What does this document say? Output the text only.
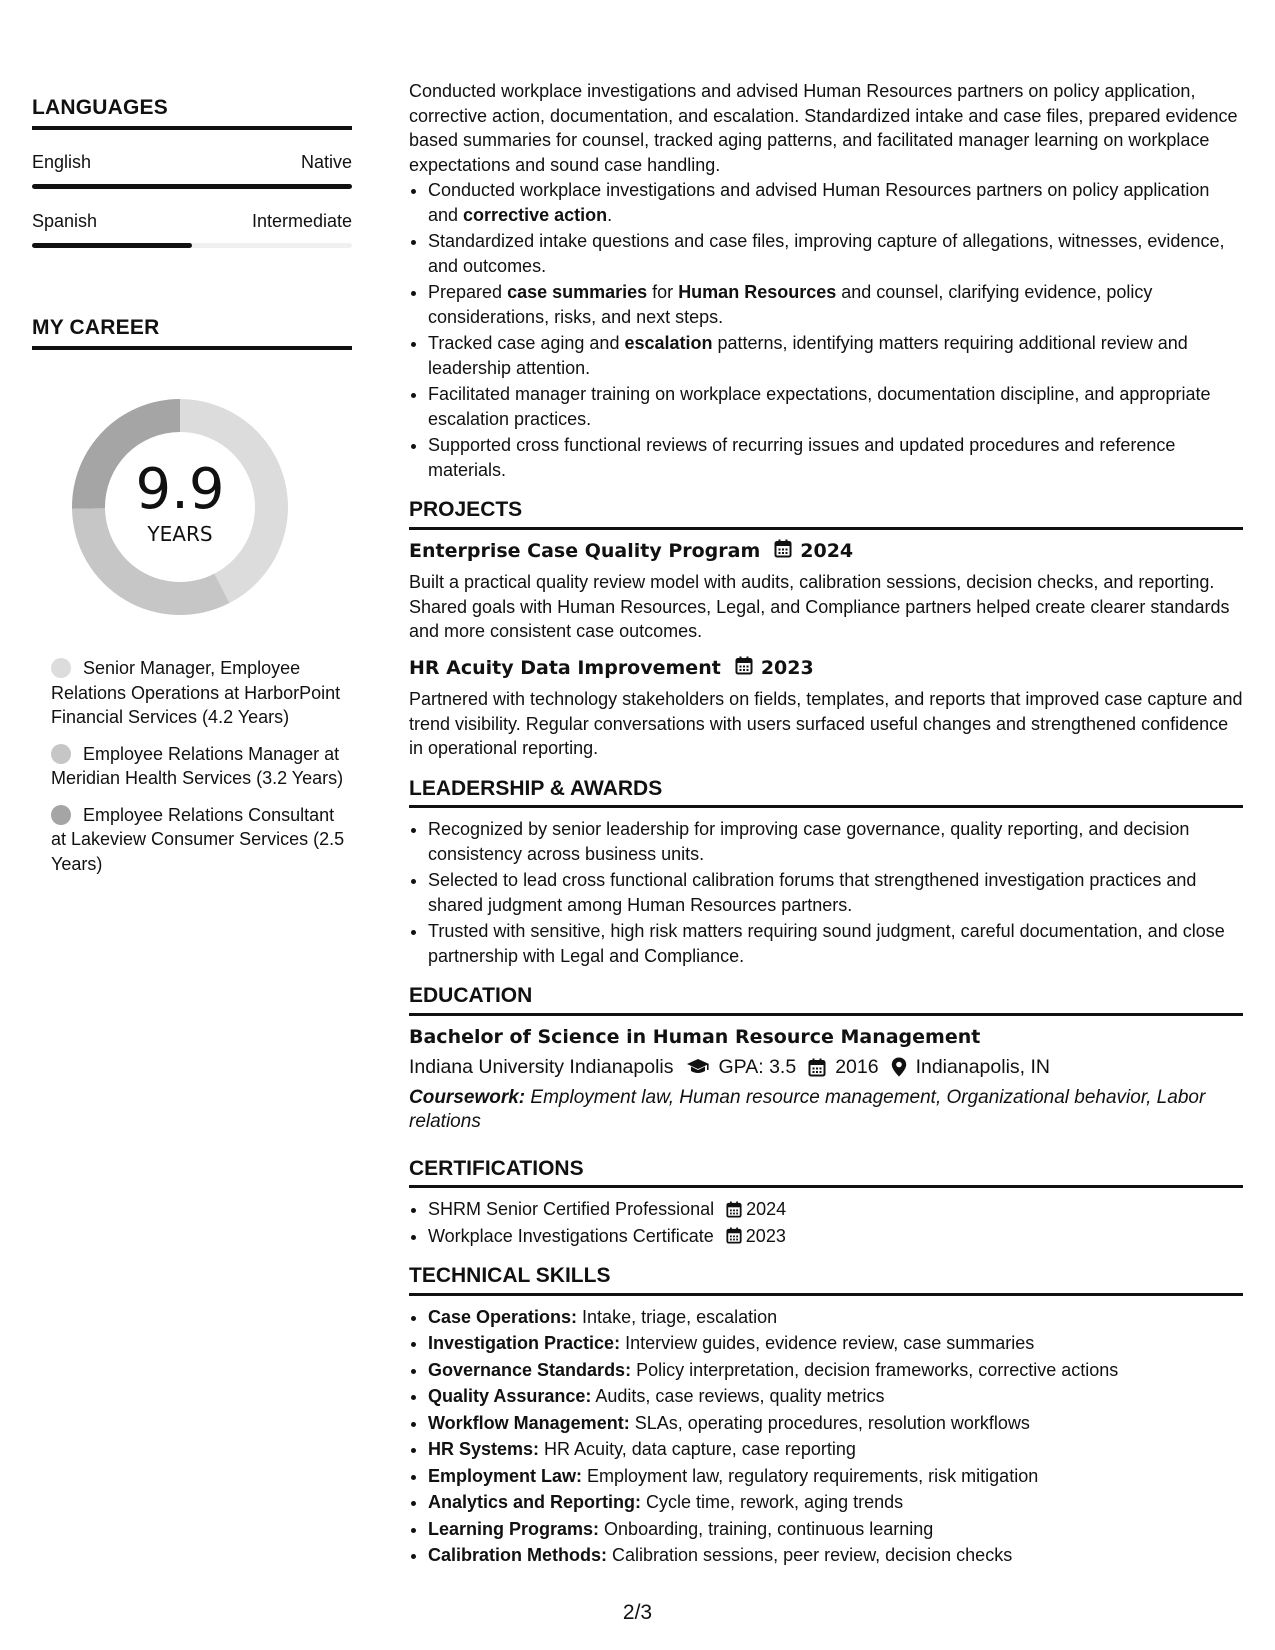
LANGUAGES
English	Native
Spanish	Intermediate
MY CAREER
9.9
YEARS
Senior Manager, Employee Relations Operations at HarborPoint Financial Services (4.2 Years)
Employee Relations Manager at Meridian Health Services (3.2 Years)
Employee Relations Consultant at Lakeview Consumer Services (2.5 Years)

Conducted workplace investigations and advised Human Resources partners on policy application, corrective action, documentation, and escalation. Standardized intake and case files, prepared evidence based summaries for counsel, tracked aging patterns, and facilitated manager learning on workplace expectations and sound case handling.

• Conducted workplace investigations and advised Human Resources partners on policy application and corrective action.
• Standardized intake questions and case files, improving capture of allegations, witnesses, evidence, and outcomes.
• Prepared case summaries for Human Resources and counsel, clarifying evidence, policy considerations, risks, and next steps.
• Tracked case aging and escalation patterns, identifying matters requiring additional review and leadership attention.
• Facilitated manager training on workplace expectations, documentation discipline, and appropriate escalation practices.
• Supported cross functional reviews of recurring issues and updated procedures and reference materials.
PROJECTS
Enterprise Case Quality Program 2024

Built a practical quality review model with audits, calibration sessions, decision checks, and reporting. Shared goals with Human Resources, Legal, and Compliance partners helped create clearer standards and more consistent case outcomes.

HR Acuity Data Improvement 2023

Partnered with technology stakeholders on fields, templates, and reports that improved case capture and trend visibility. Regular conversations with users surfaced useful changes and strengthened confidence in operational reporting.

LEADERSHIP & AWARDS
• Recognized by senior leadership for improving case governance, quality reporting, and decision consistency across business units.
• Selected to lead cross functional calibration forums that strengthened investigation practices and shared judgment among Human Resources partners.
• Trusted with sensitive, high risk matters requiring sound judgment, careful documentation, and close partnership with Legal and Compliance.
EDUCATION
Bachelor of Science in Human Resource Management
Indiana University Indianapolis GPA: 3.5 2016 Indianapolis, IN

Coursework: Employment law, Human resource management, Organizational behavior, Labor relations

CERTIFICATIONS
• SHRM Senior Certified Professional 2024
• Workplace Investigations Certificate 2023
TECHNICAL SKILLS
• Case Operations: Intake, triage, escalation
• Investigation Practice: Interview guides, evidence review, case summaries
• Governance Standards: Policy interpretation, decision frameworks, corrective actions
• Quality Assurance: Audits, case reviews, quality metrics
• Workflow Management: SLAs, operating procedures, resolution workflows
• HR Systems: HR Acuity, data capture, case reporting
• Employment Law: Employment law, regulatory requirements, risk mitigation
• Analytics and Reporting: Cycle time, rework, aging trends
• Learning Programs: Onboarding, training, continuous learning
• Calibration Methods: Calibration sessions, peer review, decision checks
2/3
